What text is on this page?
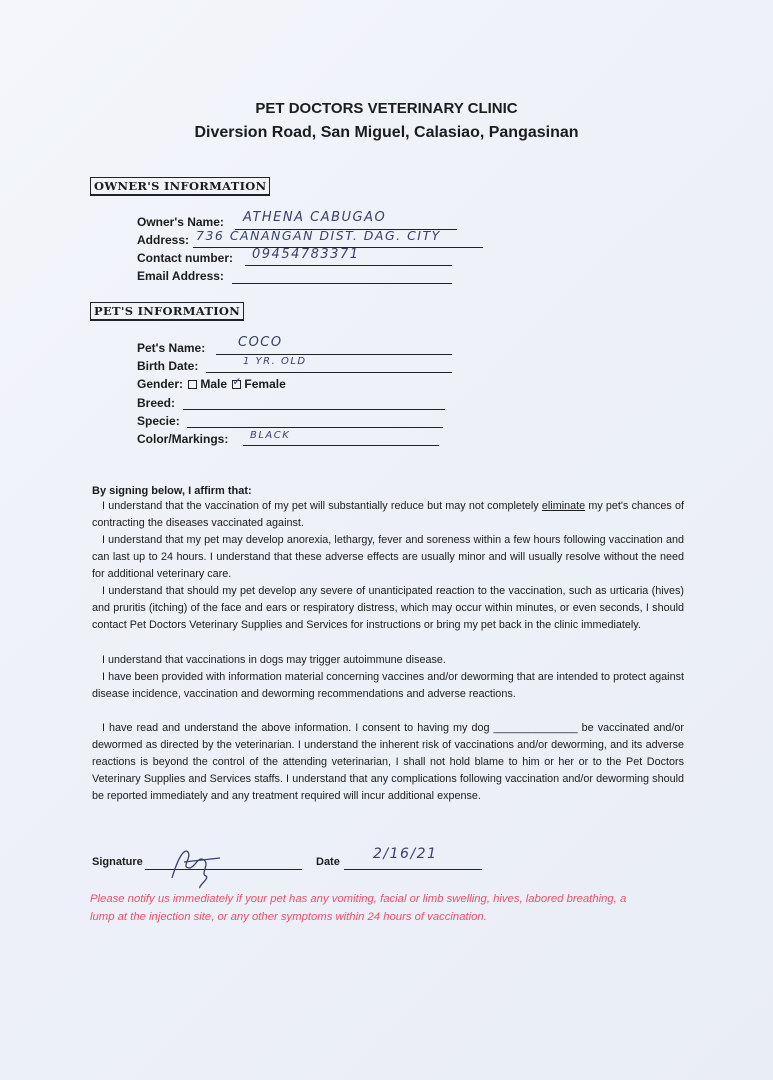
PET DOCTORS VETERINARY CLINIC
Diversion Road, San Miguel, Calasiao, Pangasinan
OWNER'S INFORMATION
Owner's Name: ATHENA CABUGAO
Address: 736 CANANGAN DIST. DAG. CITY
Contact number: 09454783371
Email Address:
PET'S INFORMATION
Pet's Name:	COCO
Birth Date:	1 YR. OLD
Gender: Male ✓ Female
Breed:
Specie:
Color/Markings: BLACK
By signing below, I affirm that:
I understand that the vaccination of my pet will substantially reduce but may not completely eliminate my pet's chances of contracting the diseases vaccinated against.
I understand that my pet may develop anorexia, lethargy, fever and soreness within a few hours following vaccination and can last up to 24 hours. I understand that these adverse effects are usually minor and will usually resolve without the need for additional veterinary care.
I understand that should my pet develop any severe of unanticipated reaction to the vaccination, such as urticaria (hives) and pruritis (itching) of the face and ears or respiratory distress, which may occur within minutes, or even seconds, I should contact Pet Doctors Veterinary Supplies and Services for instructions or bring my pet back in the clinic immediately.
I understand that vaccinations in dogs may trigger autoimmune disease.
I have been provided with information material concerning vaccines and/or deworming that are intended to protect against disease incidence, vaccination and deworming recommendations and adverse reactions.
I have read and understand the above information. I consent to having my dog ______________ be vaccinated and/or dewormed as directed by the veterinarian. I understand the inherent risk of vaccinations and/or deworming, and its adverse reactions is beyond the control of the attending veterinarian, I shall not hold blame to him or her or to the Pet Doctors Veterinary Supplies and Services staffs. I understand that any complications following vaccination and/or deworming should be reported immediately and any treatment required will incur additional expense.
Signature	Date 2/16/21
Please notify us immediately if your pet has any vomiting, facial or limb swelling, hives, labored breathing, a lump at the injection site, or any other symptoms within 24 hours of vaccination.
